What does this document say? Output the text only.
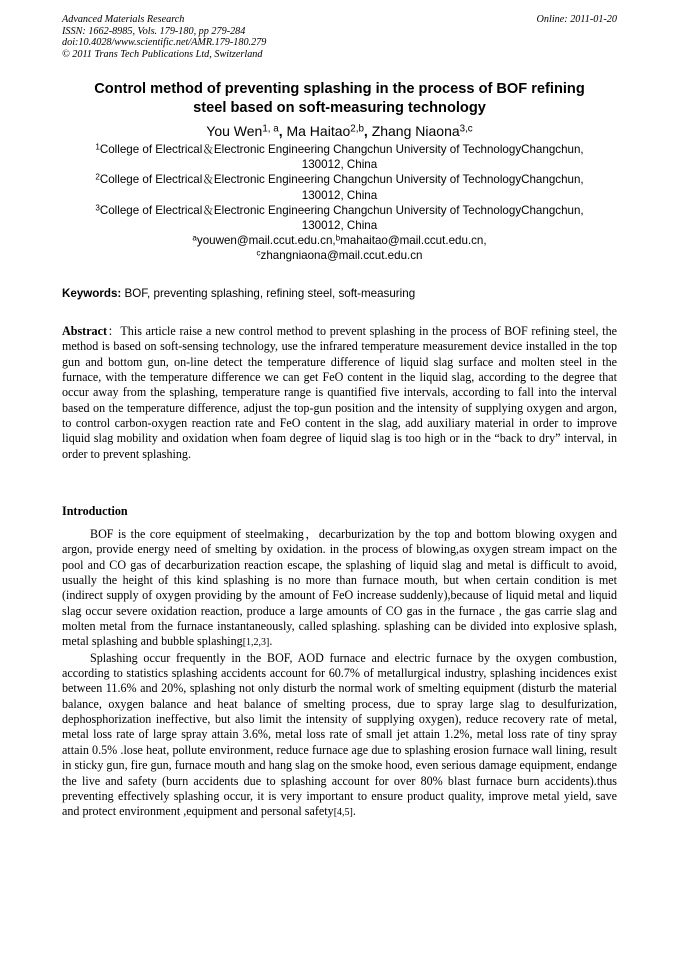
Advanced Materials Research
ISSN: 1662-8985, Vols. 179-180, pp 279-284
doi:10.4028/www.scientific.net/AMR.179-180.279
© 2011 Trans Tech Publications Ltd, Switzerland
Online: 2011-01-20
Control method of preventing splashing in the process of BOF refining
steel based on soft-measuring technology
You Wen$^{1, a}$, Ma Haitao$^{2,b}$, Zhang Niaona$^{3,c}$
$^1$College of Electrical＆Electronic Engineering Changchun University of TechnologyChangchun,
130012, China
$^2$College of Electrical＆Electronic Engineering Changchun University of TechnologyChangchun,
130012, China
$^3$College of Electrical＆Electronic Engineering Changchun University of TechnologyChangchun,
130012, China
$^a$youwen@mail.ccut.edu.cn,$^b$mahaitao@mail.ccut.edu.cn,
$^c$zhangniaona@mail.ccut.edu.cn
Keywords: BOF, preventing splashing, refining steel, soft-measuring
Abstract：This article raise a new control method to prevent splashing in the process of BOF refining steel, the method is based on soft-sensing technology, use the infrared temperature measurement device installed in the top gun and bottom gun, on-line detect the temperature difference of liquid slag surface and molten steel in the furnace, with the temperature difference we can get FeO content in the liquid slag, according to the degree that occur away from the splashing, temperature range is quantified five intervals, according to fall into the interval based on the temperature difference, adjust the top-gun position and the intensity of supplying oxygen and argon, to control carbon-oxygen reaction rate and FeO content in the slag, add auxiliary material in order to improve liquid slag mobility and oxidation when foam degree of liquid slag is too high or in the “back to dry” interval, in order to prevent splashing.
Introduction

BOF is the core equipment of steelmaking，decarburization by the top and bottom blowing oxygen and argon, provide energy need of smelting by oxidation. in the process of blowing,as oxygen stream impact on the pool and CO gas of decarburization reaction escape, the splashing of liquid slag and metal is difficult to avoid, usually the height of this kind splashing is no more than furnace mouth, but when certain condition is met (indirect supply of oxygen providing by the amount of FeO increase suddenly),because of liquid metal and liquid slag occur severe oxidation reaction, produce a large amounts of CO gas in the furnace , the gas carrie slag and molten metal from the furnace instantaneously, called splashing. splashing can be divided into explosive splash, metal splashing and bubble splashing[1,2,3].

Splashing occur frequently in the BOF, AOD furnace and electric furnace by the oxygen combustion, according to statistics splashing accidents account for 60.7% of metallurgical industry, splashing incidences exist between 11.6% and 20%, splashing not only disturb the normal work of smelting equipment (disturb the material balance, oxygen balance and heat balance of smelting process, due to spray large slag to desulfurization, dephosphorization ineffective, but also limit the intensity of supplying oxygen), reduce recovery rate of metal, metal loss rate of large spray attain 3.6%, metal loss rate of small jet attain 1.2%, metal loss rate of tiny spray attain 0.5% .lose heat, pollute environment, reduce furnace age due to splashing erosion furnace wall lining, result in sticky gun, fire gun, furnace mouth and hang slag on the smoke hood, even serious damage equipment, endange the live and safety (burn accidents due to splashing account for over 80% blast furnace burn accidents).thus preventing effectively splashing occur, it is very important to ensure product quality, improve metal yield, save and protect environment ,equipment and personal safety[4,5].
